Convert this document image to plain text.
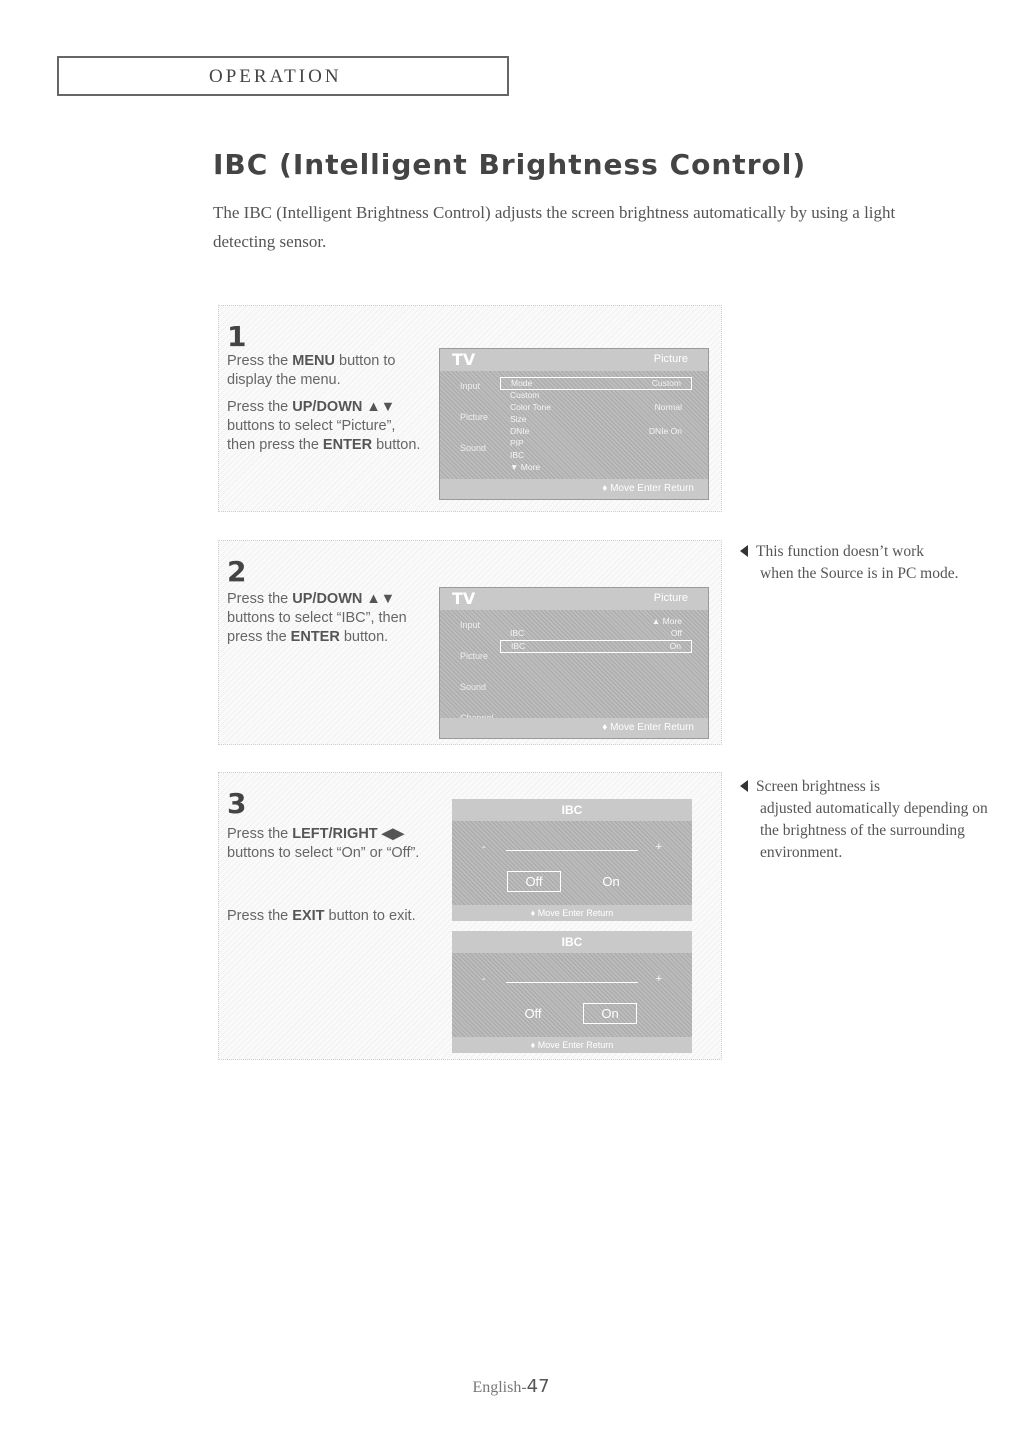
OPERATION
IBC (Intelligent Brightness Control)
The IBC (Intelligent Brightness Control) adjusts the screen brightness automatically by using a light detecting sensor.
1

Press the MENU button to display the menu.

Press the UP/DOWN ▲▼ buttons to select “Picture”, then press the ENTER button.

TV	Picture
Input
Picture
Sound
Mode	Custom
Custom
Color Tone	Normal
Size
DNIe	DNIe On
PIP
IBC
▼ More
♦ Move Enter Return
2

Press the UP/DOWN ▲▼ buttons to select “IBC”, then press the ENTER button.

TV	Picture
Input
Picture
Sound
▲ More
IBC	Off
IBC	On
♦ Move Enter Return
3

Press the LEFT/RIGHT ◀▶ buttons to select “On” or “Off”.

Press the EXIT button to exit.

IBC
-	+
Off	On
♦ Move Enter Return
IBC
-	+
Off	On
♦ Move Enter Return
This function doesn’t work
when the Source is in PC mode.
Screen brightness is
adjusted automatically depending on the brightness of the surrounding environment.
English-47
